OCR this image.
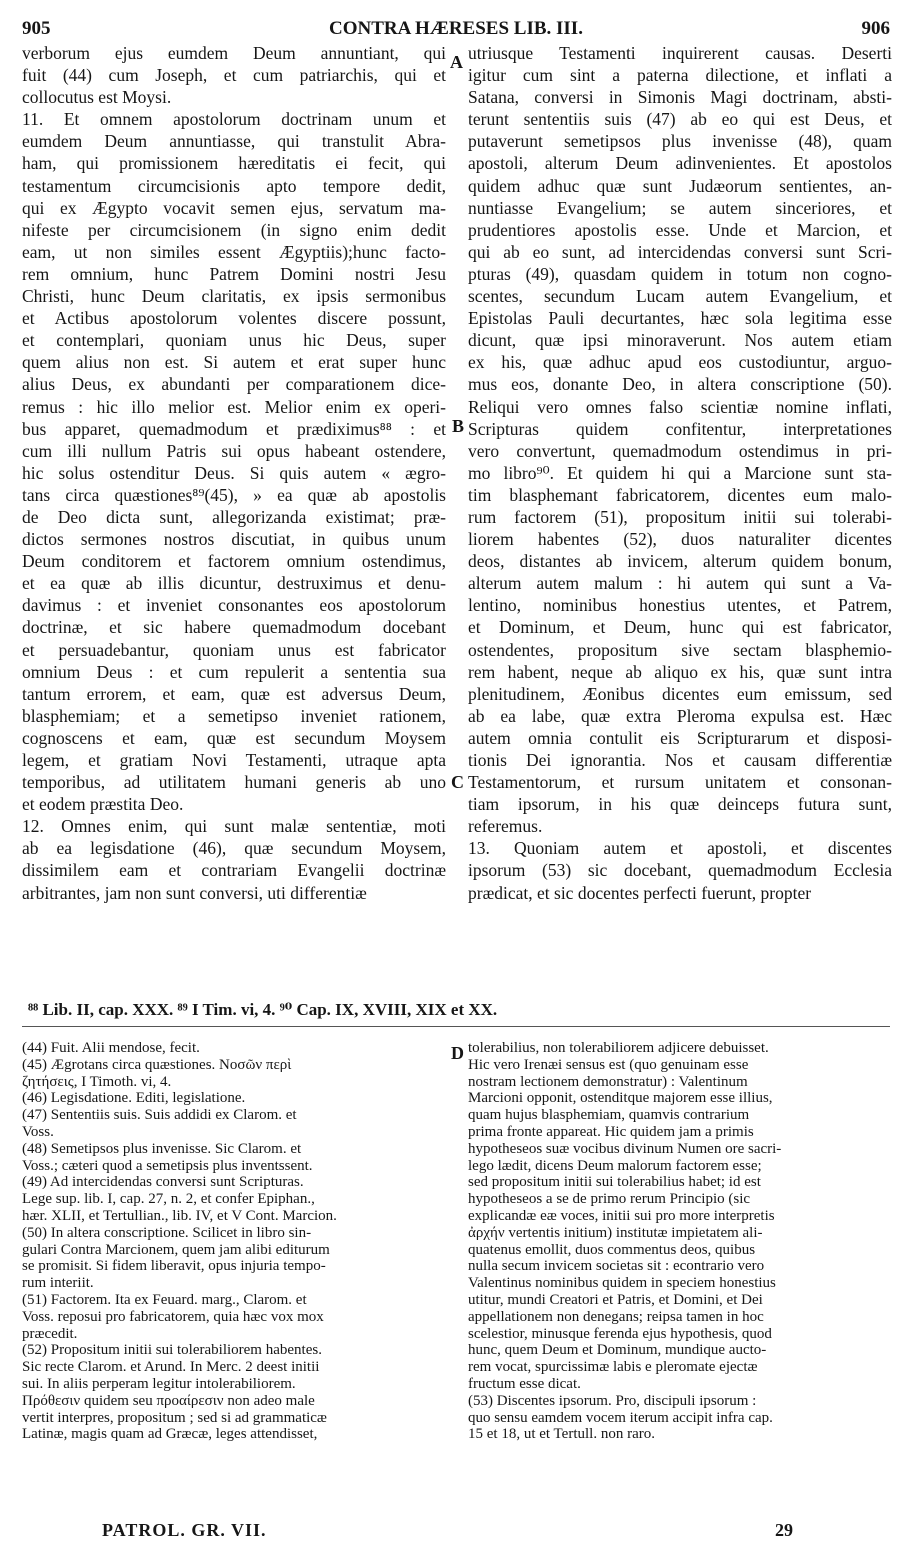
905	CONTRA HÆRESES LIB. III.	906
verborum ejus eumdem Deum annuntiant, qui
fuit (44) cum Joseph, et cum patriarchis, qui et
collocutus est Moysi.
11. Et omnem apostolorum doctrinam unum et
eumdem Deum annuntiasse, qui transtulit Abra-
ham, qui promissionem hæreditatis ei fecit, qui
testamentum circumcisionis apto tempore dedit,
qui ex Ægypto vocavit semen ejus, servatum ma-
nifeste per circumcisionem (in signo enim dedit
eam, ut non similes essent Ægyptiis);hunc facto-
rem omnium, hunc Patrem Domini nostri Jesu
Christi, hunc Deum claritatis, ex ipsis sermonibus
et Actibus apostolorum volentes discere possunt,
et contemplari, quoniam unus hic Deus, super
quem alius non est. Si autem et erat super hunc
alius Deus, ex abundanti per comparationem dice-
remus : hic illo melior est. Melior enim ex operi-
bus apparet, quemadmodum et prædiximus⁸⁸ : et
cum illi nullum Patris sui opus habeant ostendere,
hic solus ostenditur Deus. Si quis autem « ægro-
tans circa quæstiones⁸⁹(45), » ea quæ ab apostolis
de Deo dicta sunt, allegorizanda existimat; præ-
dictos sermones nostros discutiat, in quibus unum
Deum conditorem et factorem omnium ostendimus,
et ea quæ ab illis dicuntur, destruximus et denu-
davimus : et inveniet consonantes eos apostolorum
doctrinæ, et sic habere quemadmodum docebant
et persuadebantur, quoniam unus est fabricator
omnium Deus : et cum repulerit a sententia sua
tantum errorem, et eam, quæ est adversus Deum,
blasphemiam; et a semetipso inveniet rationem,
cognoscens et eam, quæ est secundum Moysem
legem, et gratiam Novi Testamenti, utraque apta
temporibus, ad utilitatem humani generis ab uno
et eodem præstita Deo.
12. Omnes enim, qui sunt malæ sententiæ, moti
ab ea legisdatione (46), quæ secundum Moysem,
dissimilem eam et contrariam Evangelii doctrinæ
arbitrantes, jam non sunt conversi, uti differentiæ
utriusque Testamenti inquirerent causas. Deserti
igitur cum sint a paterna dilectione, et inflati a
Satana, conversi in Simonis Magi doctrinam, absti-
terunt sententiis suis (47) ab eo qui est Deus, et
putaverunt semetipsos plus invenisse (48), quam
apostoli, alterum Deum adinvenientes. Et apostolos
quidem adhuc quæ sunt Judæorum sentientes, an-
nuntiasse Evangelium; se autem sinceriores, et
prudentiores apostolis esse. Unde et Marcion, et
qui ab eo sunt, ad intercidendas conversi sunt Scri-
pturas (49), quasdam quidem in totum non cogno-
scentes, secundum Lucam autem Evangelium, et
Epistolas Pauli decurtantes, hæc sola legitima esse
dicunt, quæ ipsi minoraverunt. Nos autem etiam
ex his, quæ adhuc apud eos custodiuntur, arguo-
mus eos, donante Deo, in altera conscriptione (50).
Reliqui vero omnes falso scientiæ nomine inflati,
Scripturas quidem confitentur, interpretationes
vero convertunt, quemadmodum ostendimus in pri-
mo libro⁹⁰. Et quidem hi qui a Marcione sunt sta-
tim blasphemant fabricatorem, dicentes eum malo-
rum factorem (51), propositum initii sui tolerabi-
liorem habentes (52), duos naturaliter dicentes
deos, distantes ab invicem, alterum quidem bonum,
alterum autem malum : hi autem qui sunt a Va-
lentino, nominibus honestius utentes, et Patrem,
et Dominum, et Deum, hunc qui est fabricator,
ostendentes, propositum sive sectam blasphemio-
rem habent, neque ab aliquo ex his, quæ sunt intra
plenitudinem, Æonibus dicentes eum emissum, sed
ab ea labe, quæ extra Pleroma expulsa est. Hæc
autem omnia contulit eis Scripturarum et disposi-
tionis Dei ignorantia. Nos et causam differentiæ
Testamentorum, et rursum unitatem et consonan-
tiam ipsorum, in his quæ deinceps futura sunt,
referemus.
13. Quoniam autem et apostoli, et discentes
ipsorum (53) sic docebant, quemadmodum Ecclesia
prædicat, et sic docentes perfecti fuerunt, propter
A
B
C
D
⁸⁸ Lib. II, cap. XXX. ⁸⁹ I Tim. vi, 4. ⁹⁰ Cap. IX, XVIII, XIX et XX.
(44) Fuit. Alii mendose, fecit.
(45) Ægrotans circa quæstiones. Νοσῶν περὶ
ζητήσεις, I Timoth. vi, 4.
(46) Legisdatione. Editi, legislatione.
(47) Sententiis suis. Suis addidi ex Clarom. et
Voss.
(48) Semetipsos plus invenisse. Sic Clarom. et
Voss.; cæteri quod a semetipsis plus inventssent.
(49) Ad intercidendas conversi sunt Scripturas.
Lege sup. lib. I, cap. 27, n. 2, et confer Epiphan.,
hær. XLII, et Tertullian., lib. IV, et V Cont. Marcion.
(50) In altera conscriptione. Scilicet in libro sin-
gulari Contra Marcionem, quem jam alibi editurum
se promisit. Si fidem liberavit, opus injuria tempo-
rum interiit.
(51) Factorem. Ita ex Feuard. marg., Clarom. et
Voss. reposui pro fabricatorem, quia hæc vox mox
præcedit.
(52) Propositum initii sui tolerabiliorem habentes.
Sic recte Clarom. et Arund. In Merc. 2 deest initii
sui. In aliis perperam legitur intolerabiliorem.
Πρόθεσιν quidem seu προαίρεσιν non adeo male
vertit interpres, propositum ; sed si ad grammaticæ
Latinæ, magis quam ad Græcæ, leges attendisset,
tolerabilius, non tolerabiliorem adjicere debuisset.
Hic vero Irenæi sensus est (quo genuinam esse
nostram lectionem demonstratur) : Valentinum
Marcioni opponit, ostenditque majorem esse illius,
quam hujus blasphemiam, quamvis contrarium
prima fronte appareat. Hic quidem jam a primis
hypotheseos suæ vocibus divinum Numen ore sacri-
lego lædit, dicens Deum malorum factorem esse;
sed propositum initii sui tolerabilius habet; id est
hypotheseos a se de primo rerum Principio (sic
explicandæ eæ voces, initii sui pro more interpretis
ἀρχήν vertentis initium) institutæ impietatem ali-
quatenus emollit, duos commentus deos, quibus
nulla secum invicem societas sit : econtrario vero
Valentinus nominibus quidem in speciem honestius
utitur, mundi Creatori et Patris, et Domini, et Dei
appellationem non denegans; reipsa tamen in hoc
scelestior, minusque ferenda ejus hypothesis, quod
hunc, quem Deum et Dominum, mundique aucto-
rem vocat, spurcissimæ labis e pleromate ejectæ
fructum esse dicat.
(53) Discentes ipsorum. Pro, discipuli ipsorum :
quo sensu eamdem vocem iterum accipit infra cap.
15 et 18, ut et Tertull. non raro.
PATROL. GR. VII.	29
